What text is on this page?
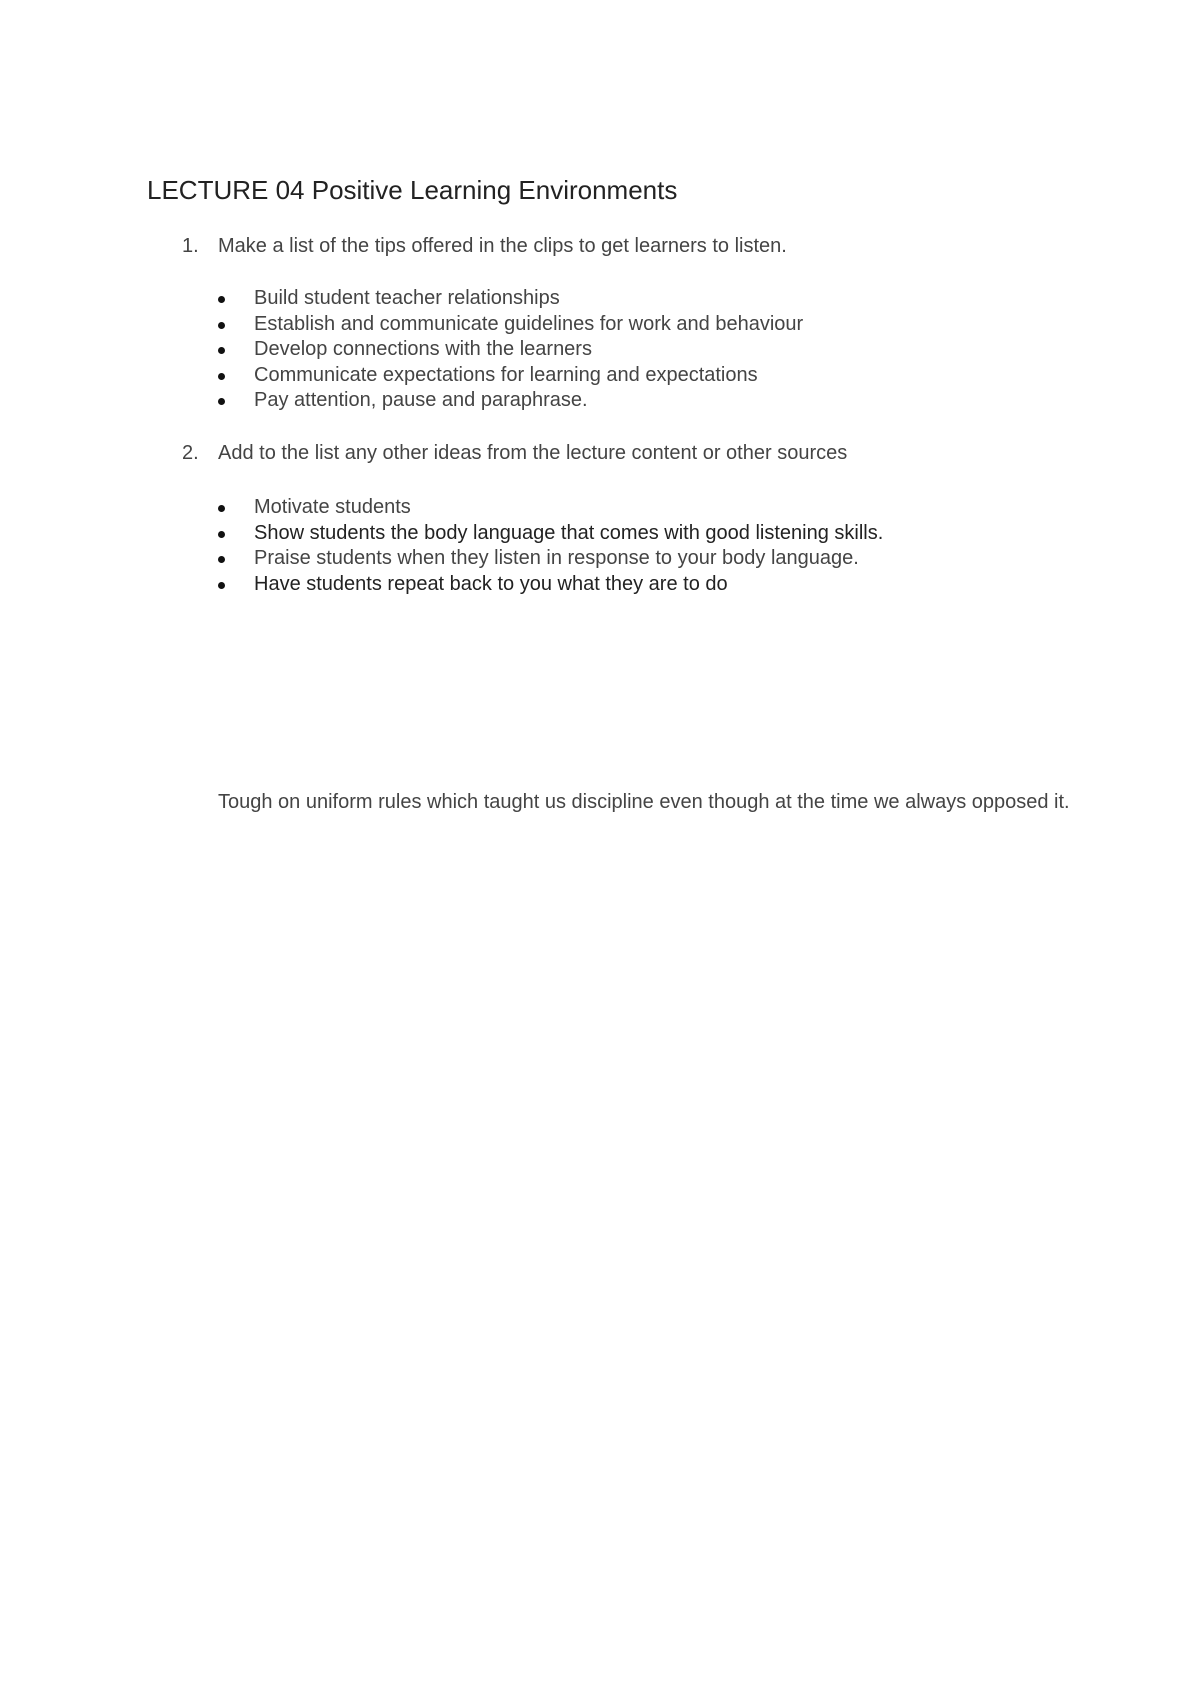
LECTURE 04 Positive Learning Environments
1. Make a list of the tips offered in the clips to get learners to listen.
Build student teacher relationships
Establish and communicate guidelines for work and behaviour
Develop connections with the learners
Communicate expectations for learning and expectations
Pay attention, pause and paraphrase.
2. Add to the list any other ideas from the lecture content or other sources
Motivate students
Show students the body language that comes with good listening skills.
Praise students when they listen in response to your body language.
Have students repeat back to you what they are to do

Tough on uniform rules which taught us discipline even though at the time we always opposed it.
